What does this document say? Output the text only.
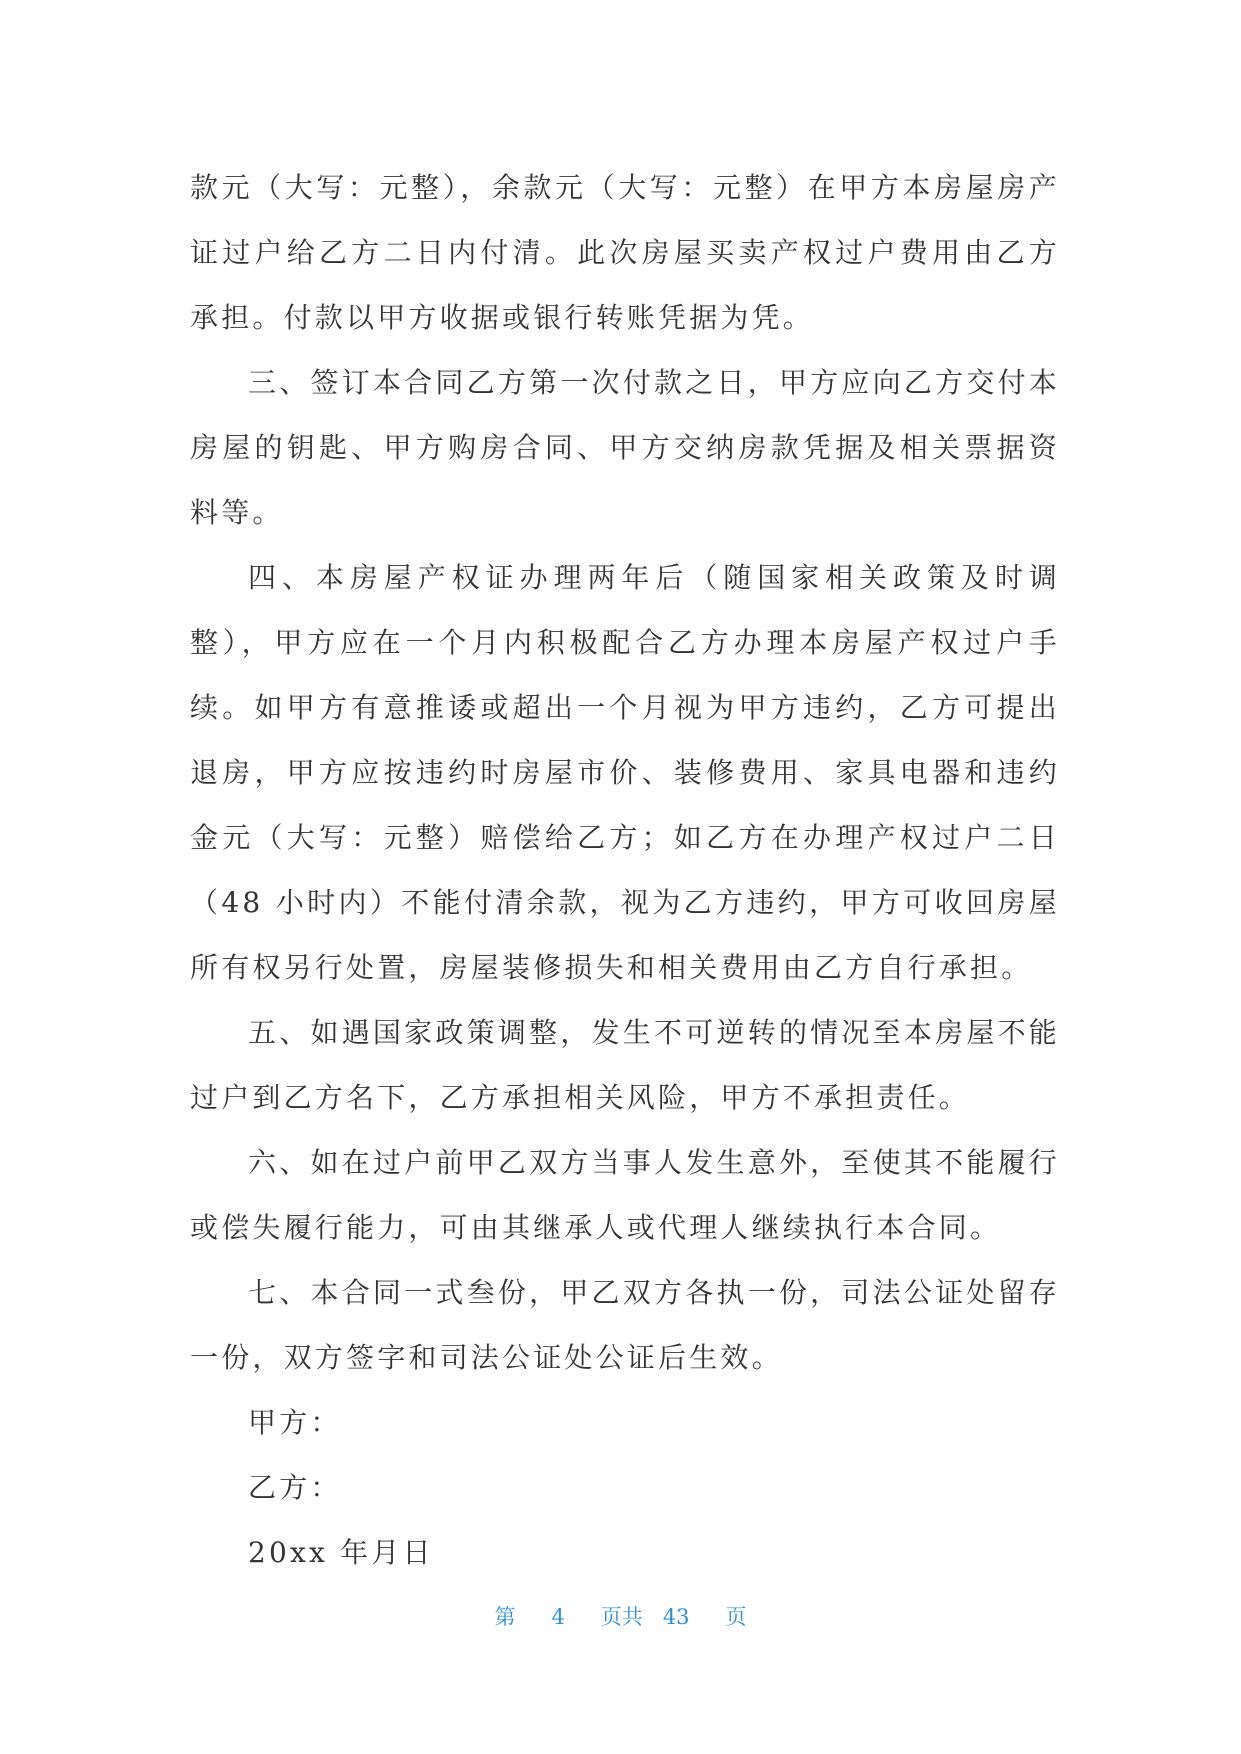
款元（大写：元整），余款元（大写：元整）在甲方本房屋房产证过户给乙方二日内付清。此次房屋买卖产权过户费用由乙方承担。付款以甲方收据或银行转账凭据为凭。

三、签订本合同乙方第一次付款之日，甲方应向乙方交付本房屋的钥匙、甲方购房合同、甲方交纳房款凭据及相关票据资料等。

四、本房屋产权证办理两年后（随国家相关政策及时调整），甲方应在一个月内积极配合乙方办理本房屋产权过户手续。如甲方有意推诿或超出一个月视为甲方违约，乙方可提出退房，甲方应按违约时房屋市价、装修费用、家具电器和违约金元（大写：元整）赔偿给乙方；如乙方在办理产权过户二日（48 小时内）不能付清余款，视为乙方违约，甲方可收回房屋所有权另行处置，房屋装修损失和相关费用由乙方自行承担。

五、如遇国家政策调整，发生不可逆转的情况至本房屋不能过户到乙方名下，乙方承担相关风险，甲方不承担责任。

六、如在过户前甲乙双方当事人发生意外，至使其不能履行或偿失履行能力，可由其继承人或代理人继续执行本合同。

七、本合同一式叁份，甲乙双方各执一份，司法公证处留存一份，双方签字和司法公证处公证后生效。

甲方：

乙方：

20xx 年月日

第 4 页共 43 页
